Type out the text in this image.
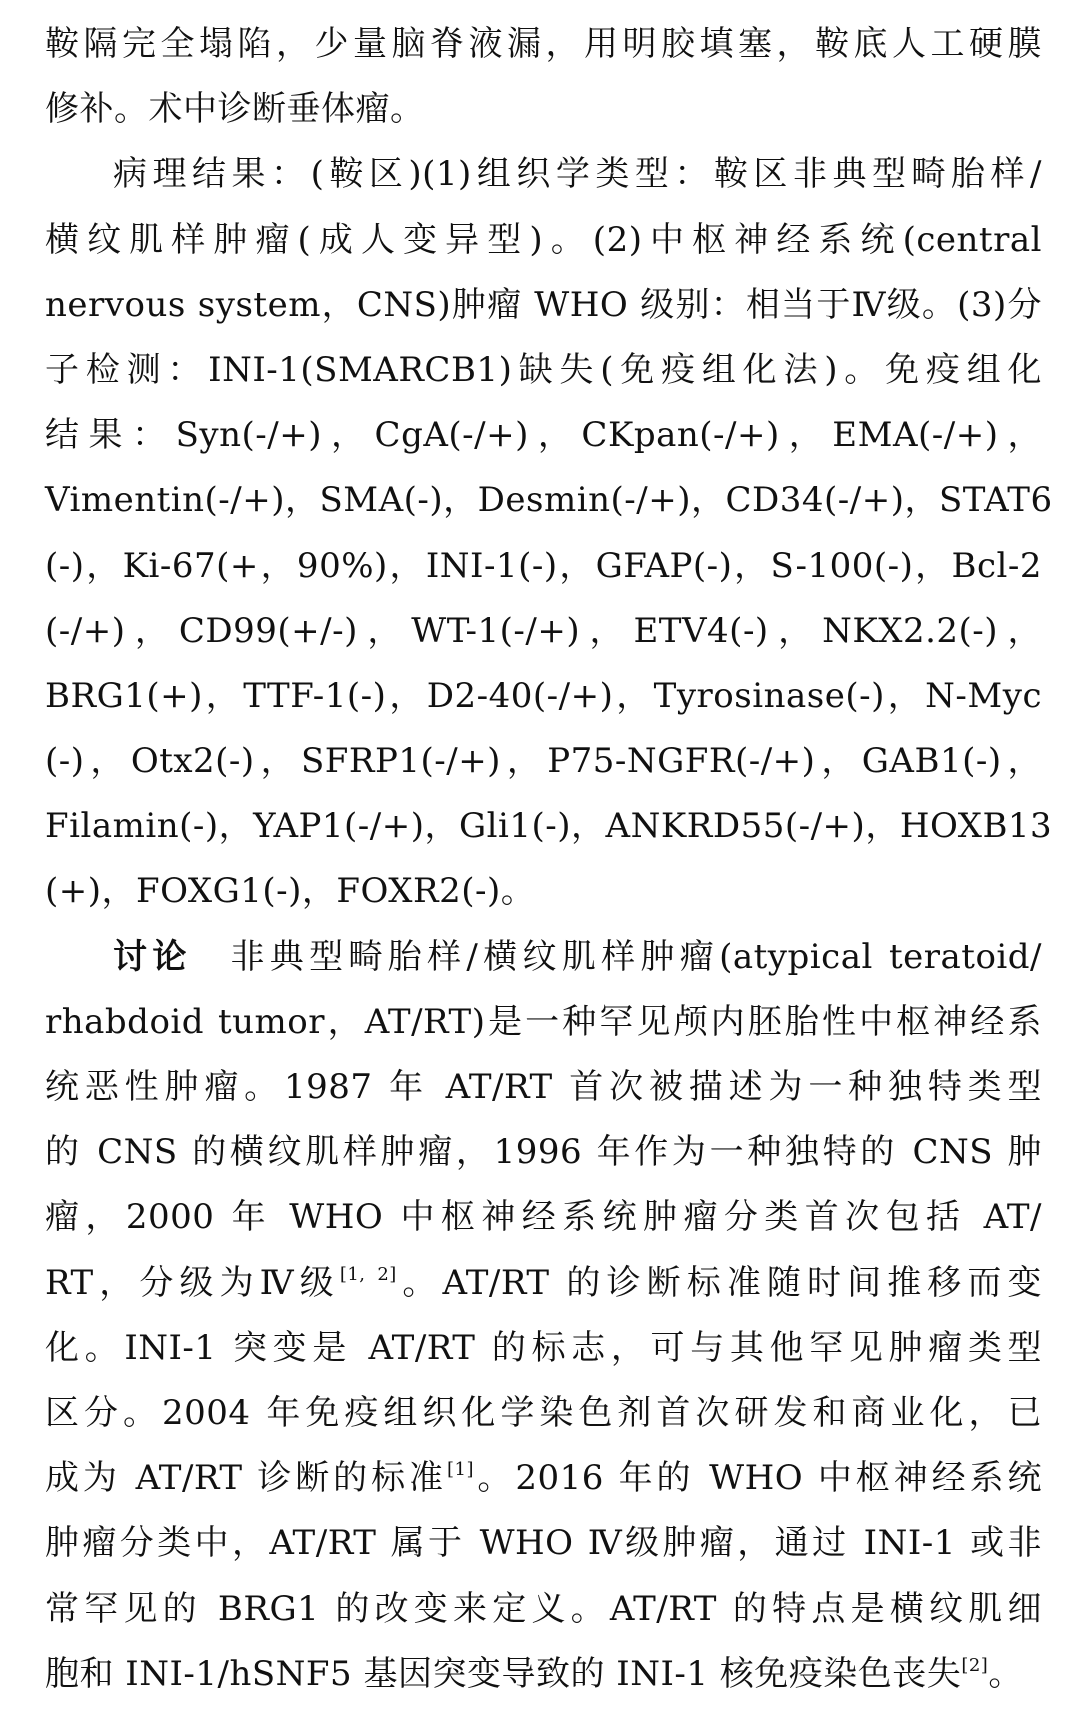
鞍隔完全塌陷，少量脑脊液漏，用明胶填塞，鞍底人工硬膜
修补。术中诊断垂体瘤。
病理结果：(鞍区)(1)组织学类型：鞍区非典型畸胎样/
横纹肌样肿瘤(成人变异型)。(2)中枢神经系统(central
nervous system，CNS)肿瘤 WHO 级别：相当于Ⅳ级。(3)分
子检测：INI-1(SMARCB1)缺失(免疫组化法)。免疫组化
结果：Syn(-/+)，CgA(-/+)，CKpan(-/+)，EMA(-/+)，
Vimentin(-/+)，SMA(-)，Desmin(-/+)，CD34(-/+)，STAT6
(-)，Ki-67(+，90%)，INI-1(-)，GFAP(-)，S-100(-)，Bcl-2
(-/+)，CD99(+/-)，WT-1(-/+)，ETV4(-)，NKX2.2(-)，
BRG1(+)，TTF-1(-)，D2-40(-/+)，Tyrosinase(-)，N-Myc
(-)，Otx2(-)，SFRP1(-/+)，P75-NGFR(-/+)，GAB1(-)，
Filamin(-)，YAP1(-/+)，Gli1(-)，ANKRD55(-/+)，HOXB13
(+)，FOXG1(-)，FOXR2(-)。
讨论 非典型畸胎样/横纹肌样肿瘤(atypical teratoid/
rhabdoid tumor，AT/RT)是一种罕见颅内胚胎性中枢神经系
统恶性肿瘤。1987 年 AT/RT 首次被描述为一种独特类型
的 CNS 的横纹肌样肿瘤，1996 年作为一种独特的 CNS 肿
瘤，2000 年 WHO 中枢神经系统肿瘤分类首次包括 AT/
RT，分级为Ⅳ级[1, 2]。AT/RT 的诊断标准随时间推移而变
化。INI-1 突变是 AT/RT 的标志，可与其他罕见肿瘤类型
区分。2004 年免疫组织化学染色剂首次研发和商业化，已
成为 AT/RT 诊断的标准[1]。2016 年的 WHO 中枢神经系统
肿瘤分类中，AT/RT 属于 WHO Ⅳ级肿瘤，通过 INI-1 或非
常罕见的 BRG1 的改变来定义。AT/RT 的特点是横纹肌细
胞和 INI-1/hSNF5 基因突变导致的 INI-1 核免疫染色丧失[2]。
